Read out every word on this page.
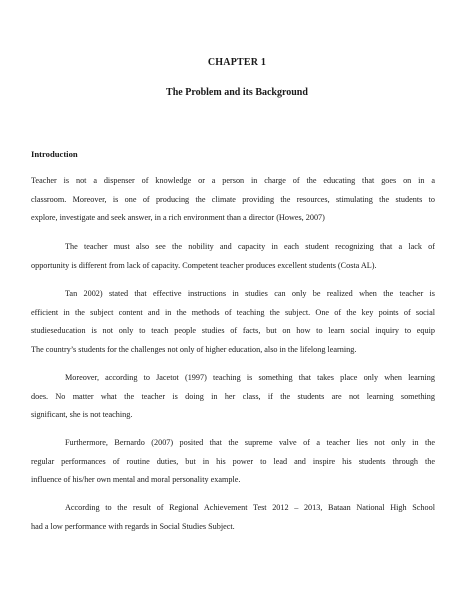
CHAPTER 1
The Problem and its Background
Introduction
Teacher is not a dispenser of knowledge or a person in charge of the educating that goes on in a
classroom. Moreover, is one of producing the climate providing the resources, stimulating the students to
explore, investigate and seek answer, in a rich environment than a director (Howes, 2007)
The teacher must also see the nobility and capacity in each student recognizing that a lack of
opportunity is different from lack of capacity. Competent teacher produces excellent students (Costa AL).
Tan 2002) stated that effective instructions in studies can only be realized when the teacher is
efficient in the subject content and in the methods of teaching the subject. One of the key points of social
studieseducation is not only to teach people studies of facts, but on how to learn social inquiry to equip
The country’s students for the challenges not only of higher education, also in the lifelong learning.
Moreover, according to Jacetot (1997) teaching is something that takes place only when learning
does. No matter what the teacher is doing in her class, if the students are not learning something
significant, she is not teaching.
Furthermore, Bernardo (2007) posited that the supreme valve of a teacher lies not only in the
regular performances of routine duties, but in his power to lead and inspire his students through the
influence of his/her own mental and moral personality example.
According to the result of Regional Achievement Test 2012 – 2013, Bataan National High School
had a low performance with regards in Social Studies Subject.
